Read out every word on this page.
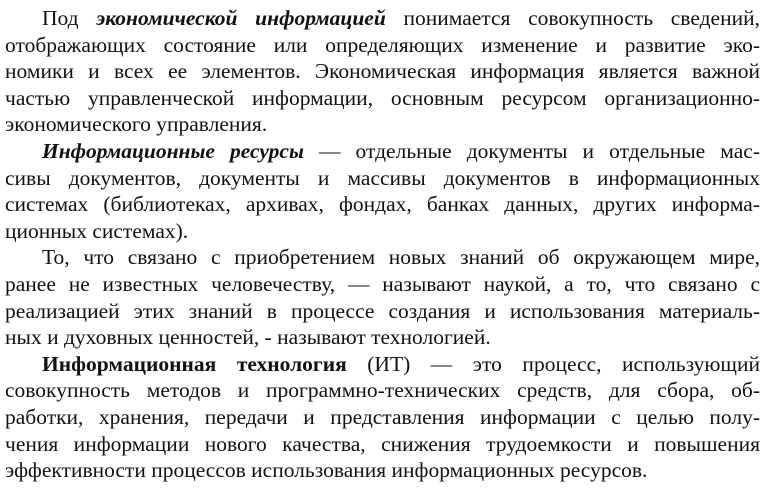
Под экономической информацией понимается совокупность сведений,
отображающих состояние или определяющих изменение и развитие эко-
номики и всех ее элементов. Экономическая информация является важной
частью управленческой информации, основным ресурсом организационно-
экономического управления.
Информационные ресурсы — отдельные документы и отдельные мас-
сивы документов, документы и массивы документов в информационных
системах (библиотеках, архивах, фондах, банках данных, других информа-
ционных системах).
То, что связано с приобретением новых знаний об окружающем мире,
ранее не известных человечеству, — называют наукой, а то, что связано с
реализацией этих знаний в процессе создания и использования материаль-
ных и духовных ценностей, - называют технологией.
Информационная технология (ИТ) — это процесс, использующий
совокупность методов и программно-технических средств, для сбора, об-
работки, хранения, передачи и представления информации с целью полу-
чения информации нового качества, снижения трудоемкости и повышения
эффективности процессов использования информационных ресурсов.
